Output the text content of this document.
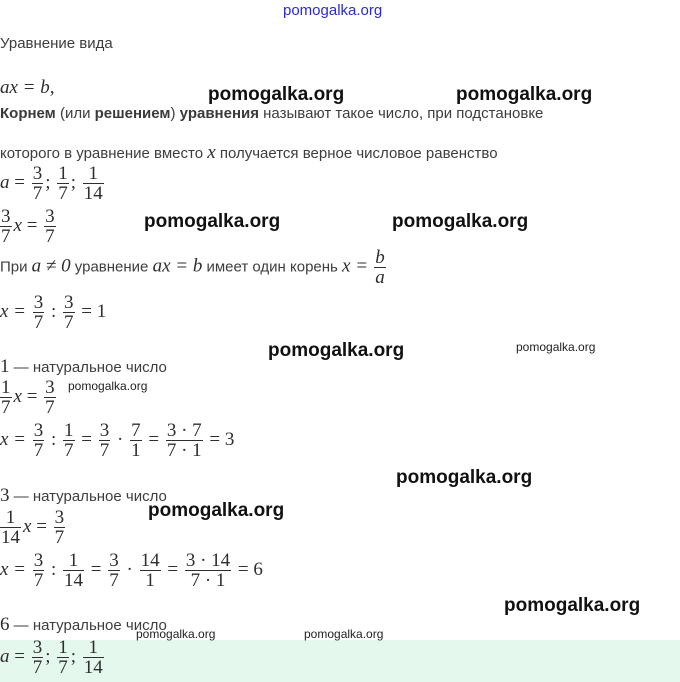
pomogalka.org
Уравнение вида
ax = b,
Корнем (или решением) уравнения называют такое число, при подстановке
которого в уравнение вместо x получается верное числовое равенство
$a = \frac{3}{7}$ ; $\frac{1}{7}$ ; $\frac{1}{14}$
$\frac{3}{7}$ $x = \frac{3}{7}$
При a ≠ 0 уравнение ax = b имеет один корень $x = \frac{b}{a}$
$x = \frac{3}{7}$ : $\frac{3}{7} = 1$
1 — натуральное число
$\frac{1}{7}$ $x = \frac{3}{7}$
$x = \frac{3}{7}$ : $\frac{1}{7} = \frac{3}{7} \cdot \frac{7}{1} = \frac{3 \cdot 7}{7 \cdot 1} = 3$
3 — натуральное число
$\frac{1}{14}$ $x = \frac{3}{7}$
$x = \frac{3}{7}$ : $\frac{1}{14} = \frac{3}{7} \cdot \frac{14}{1} = \frac{3 \cdot 14}{7 \cdot 1} = 6$
6 — натуральное число
$a = \frac{3}{7}$ ; $\frac{1}{7}$ ; $\frac{1}{14}$
pomogalka.org	pomogalka.org
pomogalka.org	pomogalka.org
pomogalka.org	pomogalka.org
pomogalka.org
pomogalka.org
pomogalka.org
pomogalka.org
pomogalka.org	pomogalka.org
